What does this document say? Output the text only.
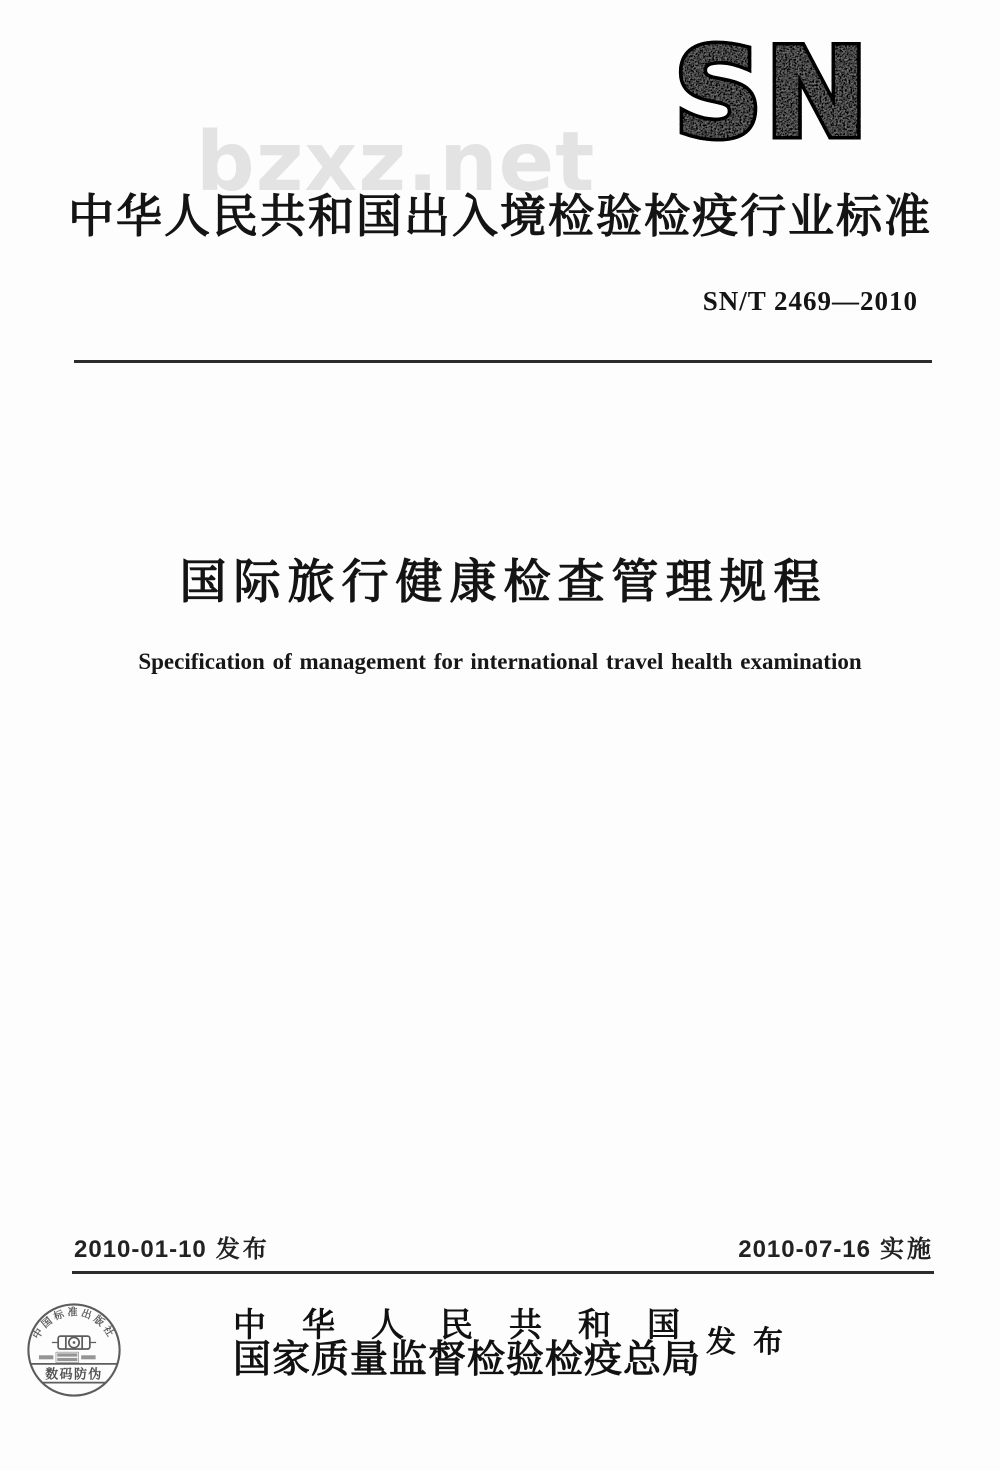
SN
bzxz.net
中华人民共和国出入境检验检疫行业标准
SN/T 2469—2010
国际旅行健康检查管理规程
Specification of management for international travel health examination
2010-01-10 发布	2010-07-16 实施
中华人民共和国
国家质量监督检验检疫总局 发布
中国标准出版社
数码防伪
